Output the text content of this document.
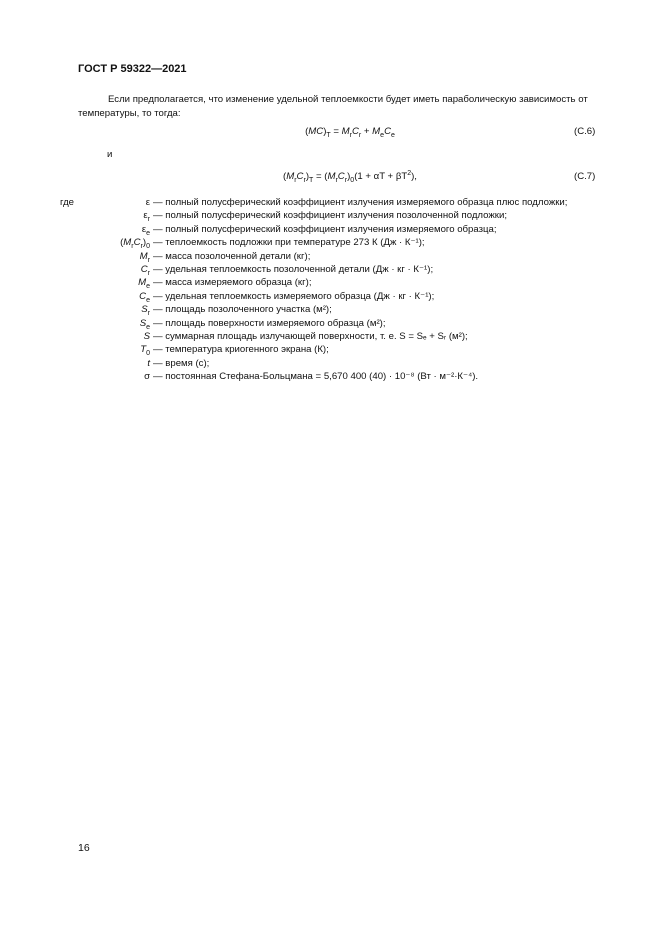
ГОСТ Р 59322—2021
Если предполагается, что изменение удельной теплоемкости будет иметь параболическую зависимость от температуры, то тогда:
$(MC)_T = M_rC_r + M_eC_e$	(С.6)
и
$(M_rC_r)_T = (M_rC_r)_0(1 + \alpha T + \beta T^2)$,	(С.7)
где	ε — полный полусферический коэффициент излучения измеряемого образца плюс подложки;
$\varepsilon_r$ — полный полусферический коэффициент излучения позолоченной подложки;
$\varepsilon_e$ — полный полусферический коэффициент излучения измеряемого образца;
$(M_rC_r)_0$ — теплоемкость подложки при температуре 273 К (Дж · К⁻¹);
$M_r$ — масса позолоченной детали (кг);
$C_r$ — удельная теплоемкость позолоченной детали (Дж · кг · К⁻¹);
$M_e$ — масса измеряемого образца (кг);
$C_e$ — удельная теплоемкость измеряемого образца (Дж · кг · К⁻¹);
$S_r$ — площадь позолоченного участка (м²);
$S_e$ — площадь поверхности измеряемого образца (м²);
S — суммарная площадь излучающей поверхности, т. е. S = Sₑ + Sᵣ (м²);
$T_0$ — температура криогенного экрана (К);
t — время (с);
σ — постоянная Стефана-Больцмана = 5,670 400 (40) · 10⁻⁸ (Вт · м⁻²·К⁻⁴).
16
